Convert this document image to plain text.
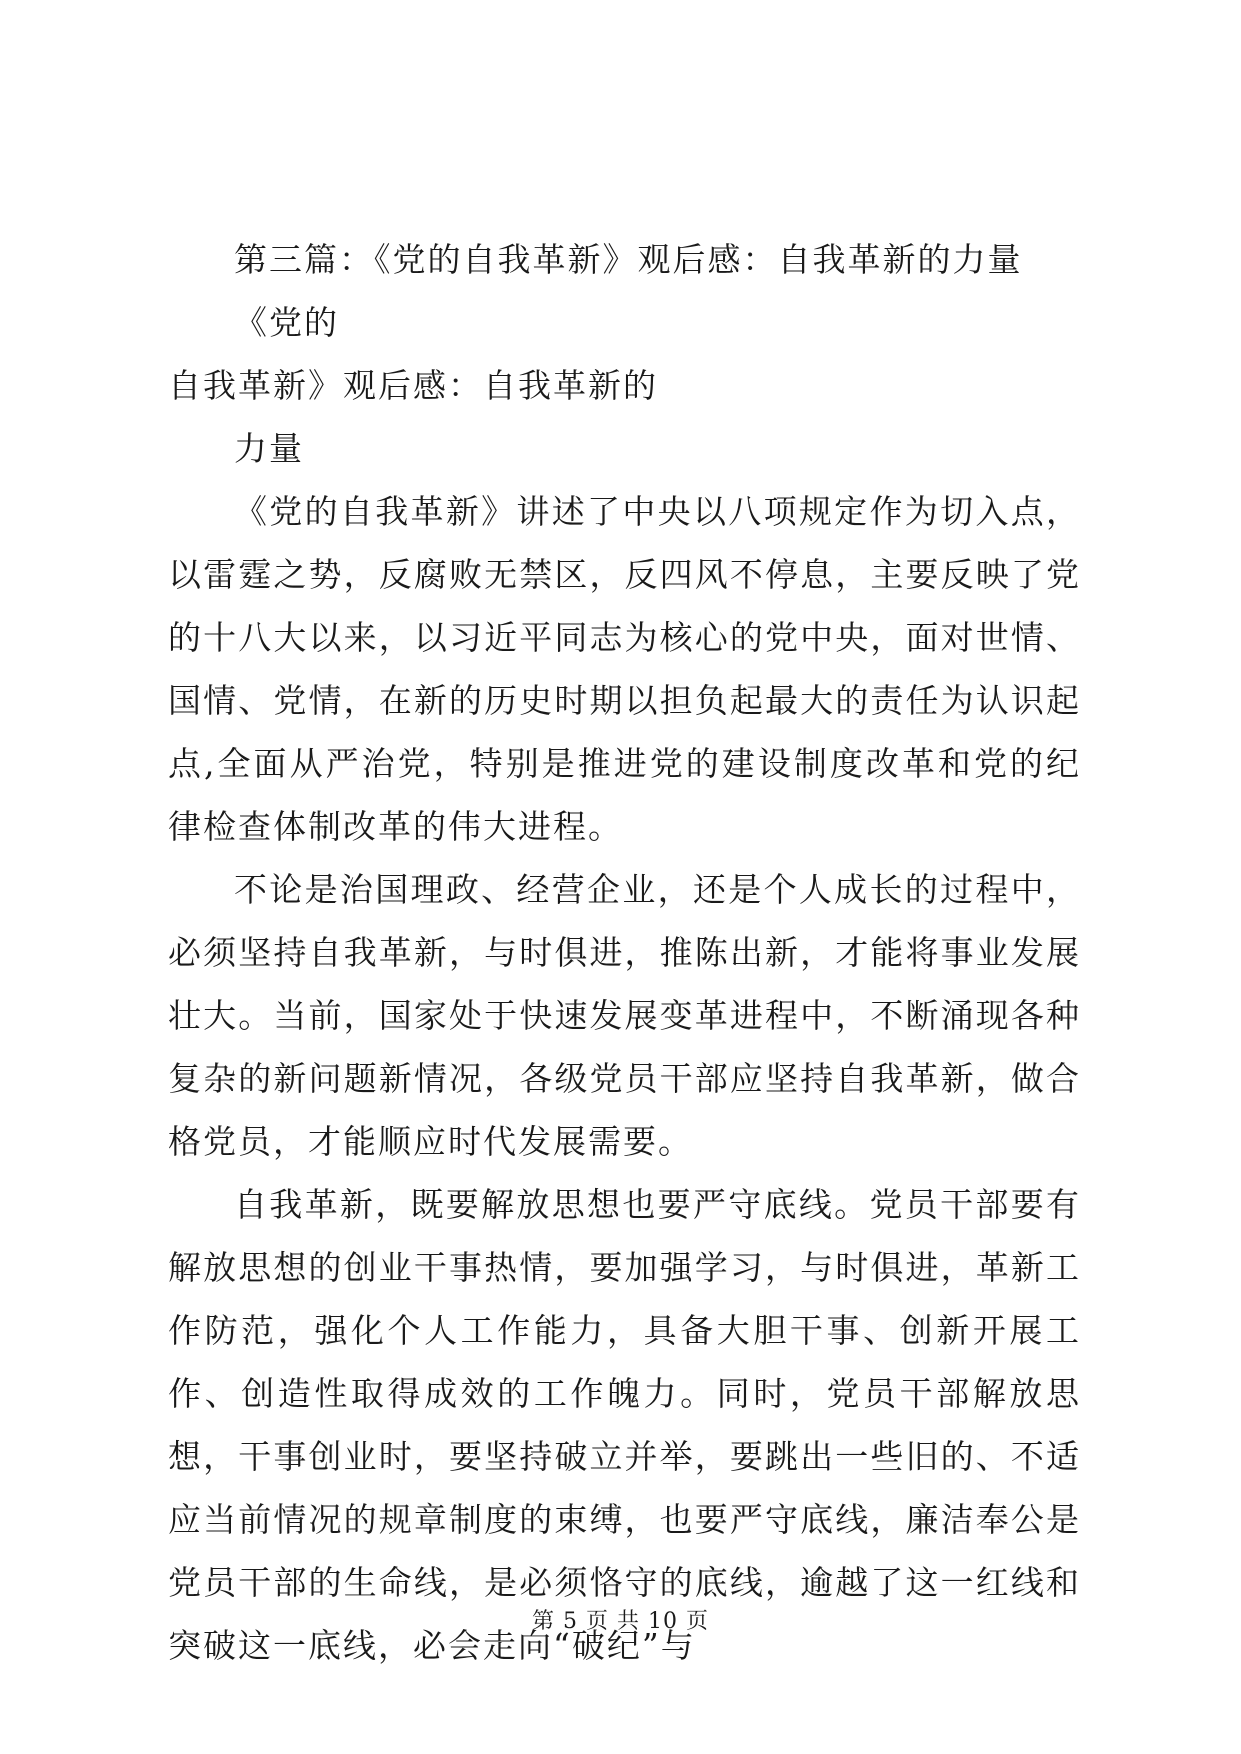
第三篇：《党的自我革新》观后感：自我革新的力量《党的
自我革新》观后感：自我革新的
力量

《党的自我革新》讲述了中央以八项规定作为切入点，以雷霆之势，反腐败无禁区，反四风不停息，主要反映了党的十八大以来，以习近平同志为核心的党中央，面对世情、国情、党情，在新的历史时期以担负起最大的责任为认识起点,全面从严治党，特别是推进党的建设制度改革和党的纪律检查体制改革的伟大进程。

不论是治国理政、经营企业，还是个人成长的过程中，必须坚持自我革新，与时俱进，推陈出新，才能将事业发展壮大。当前，国家处于快速发展变革进程中，不断涌现各种复杂的新问题新情况，各级党员干部应坚持自我革新，做合格党员，才能顺应时代发展需要。

自我革新，既要解放思想也要严守底线。党员干部要有解放思想的创业干事热情，要加强学习，与时俱进，革新工作防范，强化个人工作能力，具备大胆干事、创新开展工作、创造性取得成效的工作魄力。同时，党员干部解放思想，干事创业时，要坚持破立并举，要跳出一些旧的、不适应当前情况的规章制度的束缚，也要严守底线，廉洁奉公是党员干部的生命线，是必须恪守的底线，逾越了这一红线和突破这一底线，必会走向“破纪”与

第 5 页 共 10 页
